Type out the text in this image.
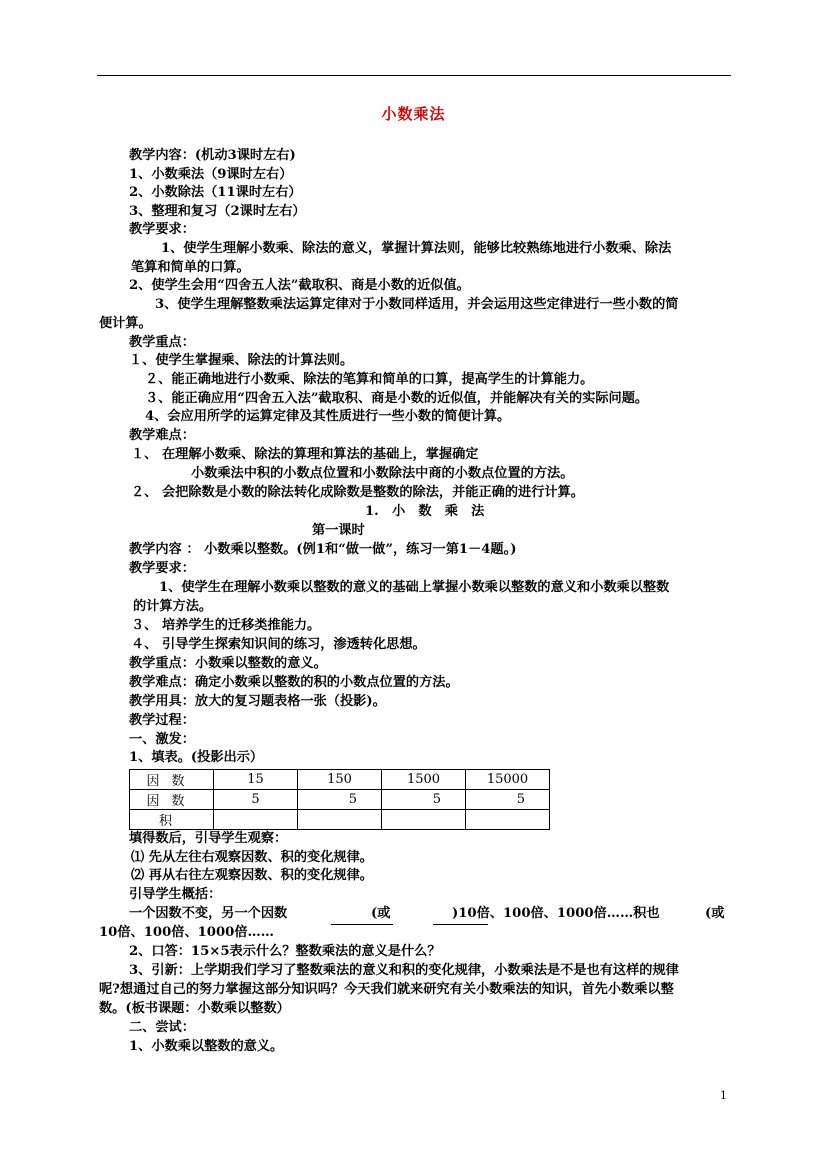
小数乘法
教学内容：(机动3课时左右)
1、小数乘法（9课时左右）
2、小数除法（11课时左右）
3、整理和复习（2课时左右）
教学要求：
1、使学生理解小数乘、除法的意义，掌握计算法则，能够比较熟练地进行小数乘、除法
笔算和简单的口算。
2、使学生会用“四舍五人法”截取积、商是小数的近似值。
3、使学生理解整数乘法运算定律对于小数同样适用，并会运用这些定律进行一些小数的简
便计算。
教学重点：
１、使学生掌握乘、除法的计算法则。
２、能正确地进行小数乘、除法的笔算和简单的口算，提高学生的计算能力。
３、能正确应用“四舍五入法”截取积、商是小数的近似值，并能解决有关的实际问题。
4、会应用所学的运算定律及其性质进行一些小数的简便计算。
教学难点：
１、 在理解小数乘、除法的算理和算法的基础上，掌握确定
小数乘法中积的小数点位置和小数除法中商的小数点位置的方法。
２、 会把除数是小数的除法转化成除数是整数的除法，并能正确的进行计算。
1.　小　数　乘　法
第一课时
教学内容 ： 小数乘以整数。(例1和“做一做”，练习一第1－4题。)
教学要求：
1、使学生在理解小数乘以整数的意义的基础上掌握小数乘以整数的意义和小数乘以整数
的计算方法。
３、 培养学生的迁移类推能力。
４、 引导学生探索知识间的练习，渗透转化思想。
教学重点：小数乘以整数的意义。
教学难点：确定小数乘以整数的积的小数点位置的方法。
教学用具：放大的复习题表格一张（投影)。
教学过程：
一、激发：
1、填表。(投影出示）
因数	15	150	1500	15000
因数	5	5	5	5
积				
填得数后，引导学生观察：
⑴ 先从左往右观察因数、积的变化规律。
⑵ 再从右往左观察因数、积的变化规律。
引导学生概括：
一个因数不变，另一个因数	(或	)10倍、100倍、1000倍……积也	(或
10倍、100倍、1000倍……
2、口答：15×5表示什么？整数乘法的意义是什么？
3、引新：上学期我们学习了整数乘法的意义和积的变化规律，小数乘法是不是也有这样的规律
呢?想通过自己的努力掌握这部分知识吗？今天我们就来研究有关小数乘法的知识，首先小数乘以整
数。(板书课题：小数乘以整数）
二、尝试：
1、小数乘以整数的意义。
1
